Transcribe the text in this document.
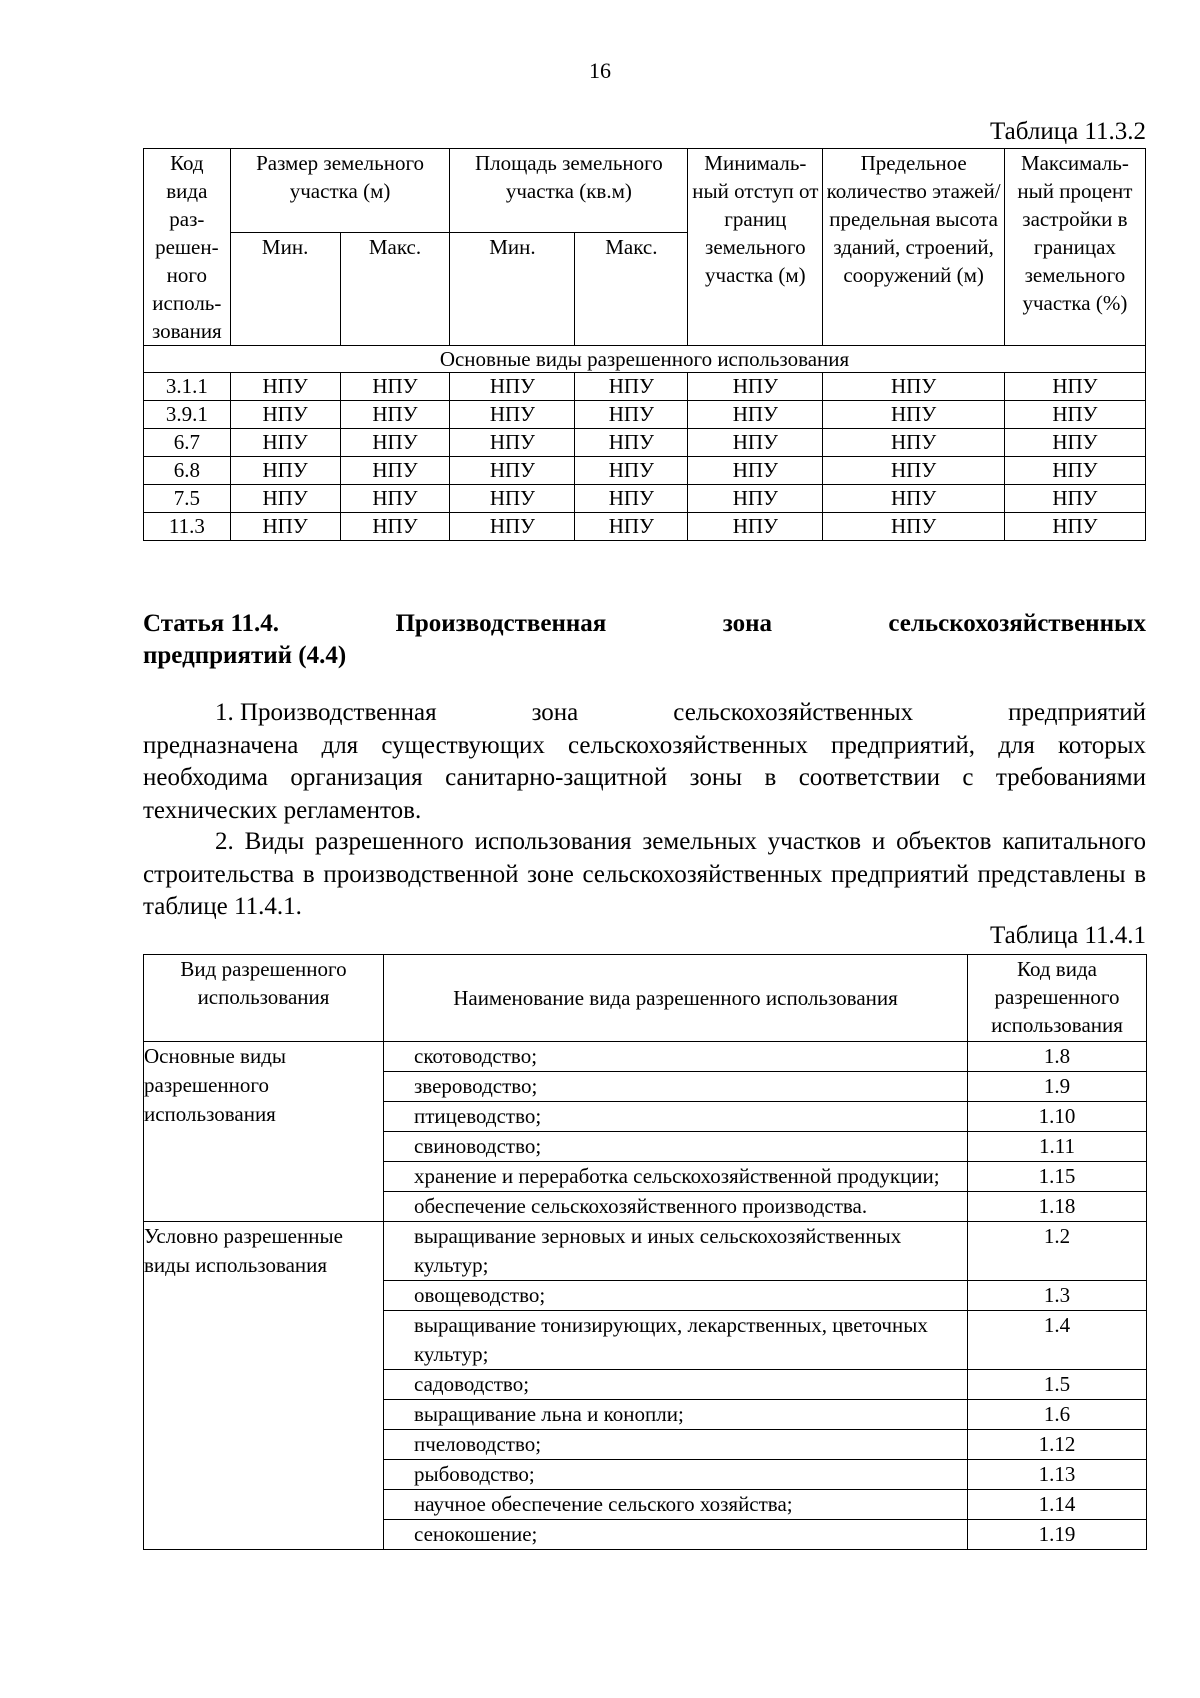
16
Таблица 11.3.2
Код вида раз-решен-ного исполь-зования	Размер земельного участка (м)		Площадь земельного участка (кв.м)		Минималь-ный отступ от границ земельного участка (м)	Предельное количество этажей/ предельная высота зданий, строений, сооружений (м)	Максималь-ный процент застройки в границах земельного участка (%)
	Мин.	Макс.	Мин.	Макс.			
Основные виды разрешенного использования							
3.1.1	НПУ	НПУ	НПУ	НПУ	НПУ	НПУ	НПУ
3.9.1	НПУ	НПУ	НПУ	НПУ	НПУ	НПУ	НПУ
6.7	НПУ	НПУ	НПУ	НПУ	НПУ	НПУ	НПУ
6.8	НПУ	НПУ	НПУ	НПУ	НПУ	НПУ	НПУ
7.5	НПУ	НПУ	НПУ	НПУ	НПУ	НПУ	НПУ
11.3	НПУ	НПУ	НПУ	НПУ	НПУ	НПУ	НПУ
Статья 11.4.	Производственная	зона	сельскохозяйственных
предприятий (4.4)
1. Производственная	зона	сельскохозяйственных	предприятий
предназначена для существующих сельскохозяйственных предприятий, для которых необходима организация санитарно-защитной зоны в соответствии с требованиями технических регламентов.
2. Виды разрешенного использования земельных участков и объектов капитального строительства в производственной зоне сельскохозяйственных предприятий представлены в таблице 11.4.1.
Таблица 11.4.1
Вид разрешенного использования	Наименование вида разрешенного использования	Код вида разрешенного использования
Основные виды разрешенного использования	скотоводство;	1.8
	звероводство;	1.9
	птицеводство;	1.10
	свиноводство;	1.11
	хранение и переработка сельскохозяйственной продукции;	1.15
	обеспечение сельскохозяйственного производства.	1.18
Условно разрешенные виды использования	выращивание зерновых и иных сельскохозяйственных культур;	1.2
	овощеводство;	1.3
	выращивание тонизирующих, лекарственных, цветочных культур;	1.4
	садоводство;	1.5
	выращивание льна и конопли;	1.6
	пчеловодство;	1.12
	рыбоводство;	1.13
	научное обеспечение сельского хозяйства;	1.14
	сенокошение;	1.19
